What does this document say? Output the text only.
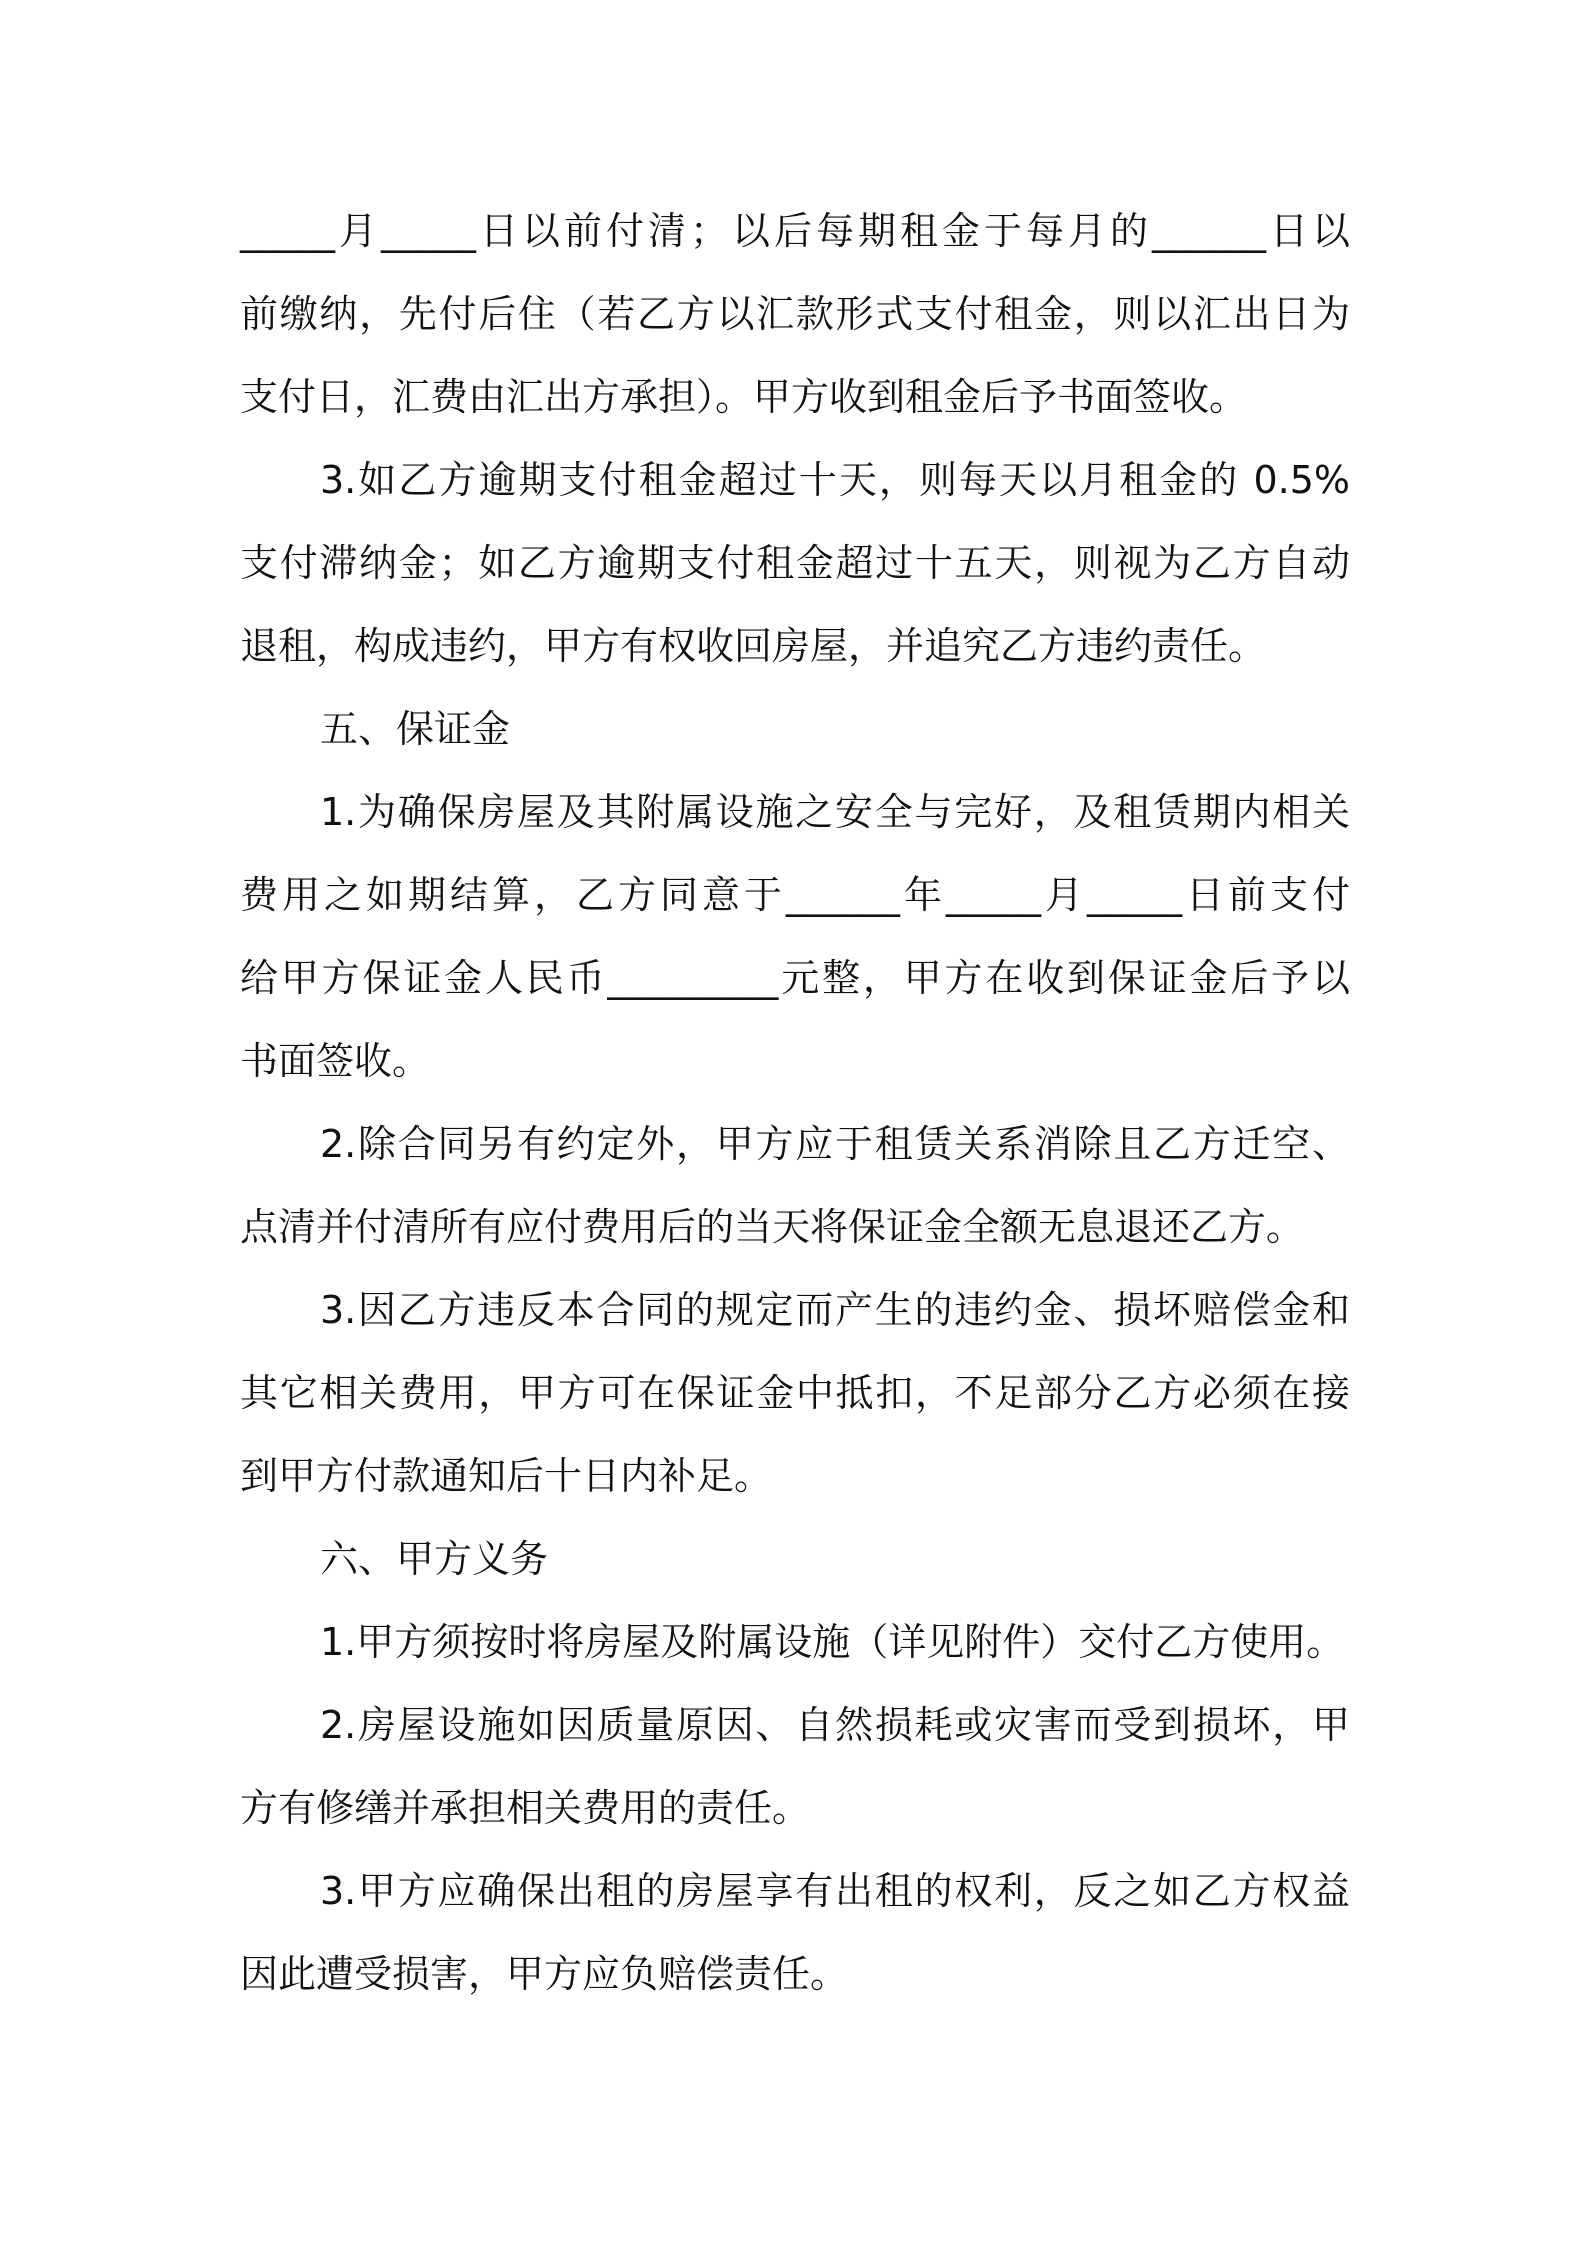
_____月_____日以前付清；以后每期租金于每月的______日以
前缴纳，先付后住（若乙方以汇款形式支付租金，则以汇出日为
支付日，汇费由汇出方承担）。甲方收到租金后予书面签收。
3.如乙方逾期支付租金超过十天，则每天以月租金的 0.5%
支付滞纳金；如乙方逾期支付租金超过十五天，则视为乙方自动
退租，构成违约，甲方有权收回房屋，并追究乙方违约责任。
五、保证金
1.为确保房屋及其附属设施之安全与完好，及租赁期内相关
费用之如期结算，乙方同意于______年_____月_____日前支付
给甲方保证金人民币_________元整，甲方在收到保证金后予以
书面签收。
2.除合同另有约定外，甲方应于租赁关系消除且乙方迁空、
点清并付清所有应付费用后的当天将保证金全额无息退还乙方。
3.因乙方违反本合同的规定而产生的违约金、损坏赔偿金和
其它相关费用，甲方可在保证金中抵扣，不足部分乙方必须在接
到甲方付款通知后十日内补足。
六、甲方义务
1.甲方须按时将房屋及附属设施（详见附件）交付乙方使用。
2.房屋设施如因质量原因、自然损耗或灾害而受到损坏，甲
方有修缮并承担相关费用的责任。
3.甲方应确保出租的房屋享有出租的权利，反之如乙方权益
因此遭受损害，甲方应负赔偿责任。
